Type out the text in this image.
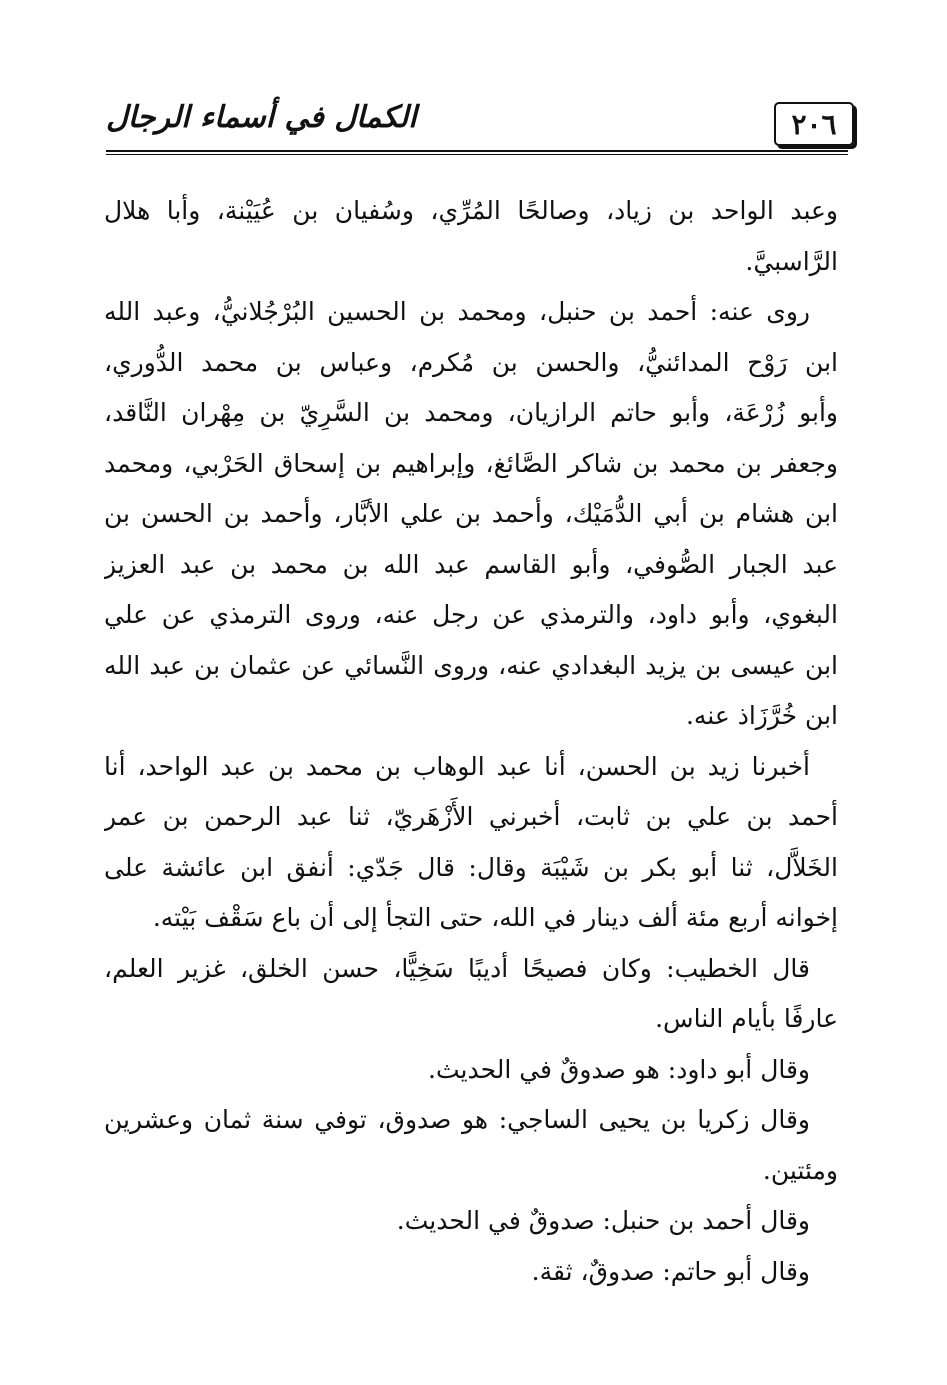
الكمال في أسماء الرجال	٢٠٦
وعبد الواحد بن زياد، وصالحًا المُرِّي، وسُفيان بن عُيَيْنة، وأبا هلال
الرَّاسبيَّ.
روى عنه: أحمد بن حنبل، ومحمد بن الحسين البُرْجُلانيُّ، وعبد الله
ابن رَوْح المدائنيُّ، والحسن بن مُكرم، وعباس بن محمد الدُّوري،
وأبو زُرْعَة، وأبو حاتم الرازيان، ومحمد بن السَّرِيّ بن مِهْران النَّاقد،
وجعفر بن محمد بن شاكر الصَّائغ، وإبراهيم بن إسحاق الحَرْبي، ومحمد
ابن هشام بن أبي الدُّمَيْك، وأحمد بن علي الأبَّار، وأحمد بن الحسن بن
عبد الجبار الصُّوفي، وأبو القاسم عبد الله بن محمد بن عبد العزيز
البغوي، وأبو داود، والترمذي عن رجل عنه، وروى الترمذي عن علي
ابن عيسى بن يزيد البغدادي عنه، وروى النَّسائي عن عثمان بن عبد الله
ابن خُرَّزَاذ عنه.
أخبرنا زيد بن الحسن، أنا عبد الوهاب بن محمد بن عبد الواحد، أنا
أحمد بن علي بن ثابت، أخبرني الأَزْهَريّ، ثنا عبد الرحمن بن عمر
الخَلاَّل، ثنا أبو بكر بن شَيْبَة وقال: قال جَدّي: أنفق ابن عائشة على
إخوانه أربع مئة ألف دينار في الله، حتى التجأ إلى أن باع سَقْف بَيْته.
قال الخطيب: وكان فصيحًا أديبًا سَخِيًّا، حسن الخلق، غزير العلم،
عارفًا بأيام الناس.
وقال أبو داود: هو صدوقٌ في الحديث.
وقال زكريا بن يحيى الساجي: هو صدوق، توفي سنة ثمان وعشرين
ومئتين.
وقال أحمد بن حنبل: صدوقٌ في الحديث.
وقال أبو حاتم: صدوقٌ، ثقة.
